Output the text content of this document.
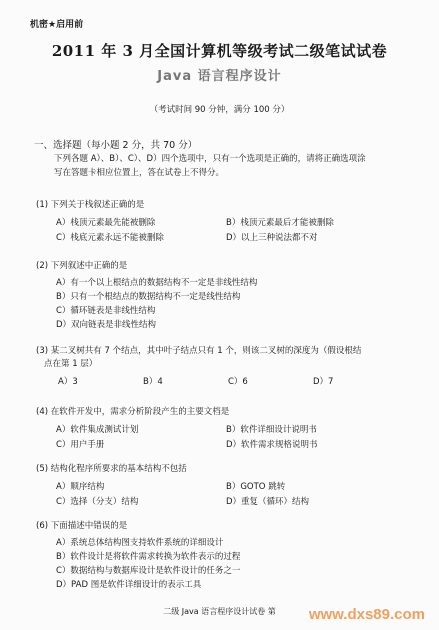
机密★启用前
2011 年 3 月全国计算机等级考试二级笔试试卷
Java 语言程序设计
（考试时间 90 分钟，满分 100 分）
一、选择题（每小题 2 分，共 70 分）
下列各题 A）、B）、C）、D）四个选项中，只有一个选项是正确的，请将正确选项涂
写在答题卡相应位置上，答在试卷上不得分。
(1) 下列关于栈叙述正确的是
A）栈顶元素最先能被删除	B）栈顶元素最后才能被删除
C）栈底元素永远不能被删除	D）以上三种说法都不对
(2) 下列叙述中正确的是
A）有一个以上根结点的数据结构不一定是非线性结构
B）只有一个根结点的数据结构不一定是线性结构
C）循环链表是非线性结构
D）双向链表是非线性结构
(3) 某二叉树共有 7 个结点，其中叶子结点只有 1 个，则该二叉树的深度为（假设根结
点在第 1 层）
A）3	B）4	C）6	D）7
(4) 在软件开发中，需求分析阶段产生的主要文档是
A）软件集成测试计划	B）软件详细设计说明书
C）用户手册	D）软件需求规格说明书
(5) 结构化程序所要求的基本结构不包括
A）顺序结构	B）GOTO 跳转
C）选择（分支）结构	D）重复（循环）结构
(6) 下面描述中错误的是
A）系统总体结构图支持软件系统的详细设计
B）软件设计是将软件需求转换为软件表示的过程
C）数据结构与数据库设计是软件设计的任务之一
D）PAD 图是软件详细设计的表示工具
二级 Java 语言程序设计试卷 第	www.dxs89.com
